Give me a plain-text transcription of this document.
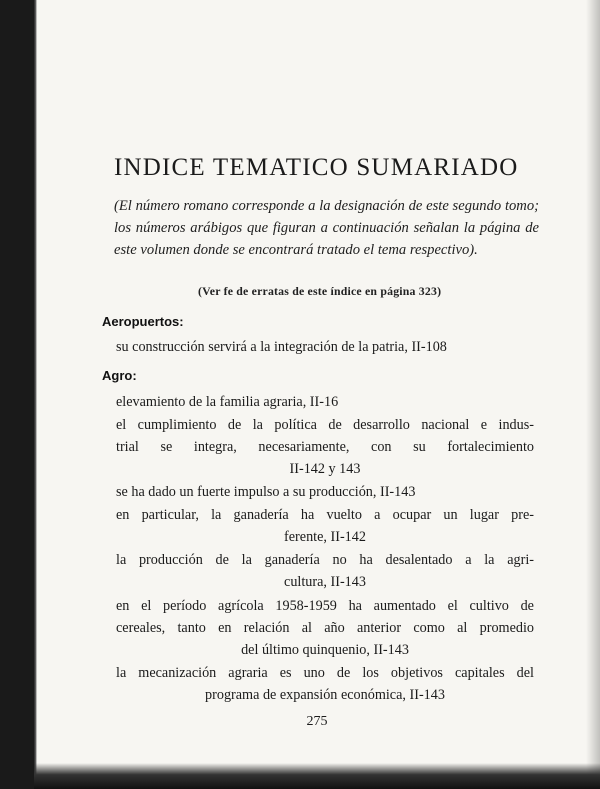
INDICE TEMATICO SUMARIADO
(El número romano corresponde a la designación de este segundo tomo; los números arábigos que figuran a continuación señalan la página de este volumen donde se encontrará tratado el tema respectivo).
(Ver fe de erratas de este índice en página 323)
Aeropuertos:
su construcción servirá a la integración de la patria, II-108
Agro:
elevamiento de la familia agraria, II-16
el cumplimiento de la política de desarrollo nacional e indus-
trial se integra, necesariamente, con su fortalecimiento
II-142 y 143
se ha dado un fuerte impulso a su producción, II-143
en particular, la ganadería ha vuelto a ocupar un lugar pre-
ferente, II-142
la producción de la ganadería no ha desalentado a la agri-
cultura, II-143
en el período agrícola 1958-1959 ha aumentado el cultivo de
cereales, tanto en relación al año anterior como al promedio
del último quinquenio, II-143
la mecanización agraria es uno de los objetivos capitales del
programa de expansión económica, II-143
275
